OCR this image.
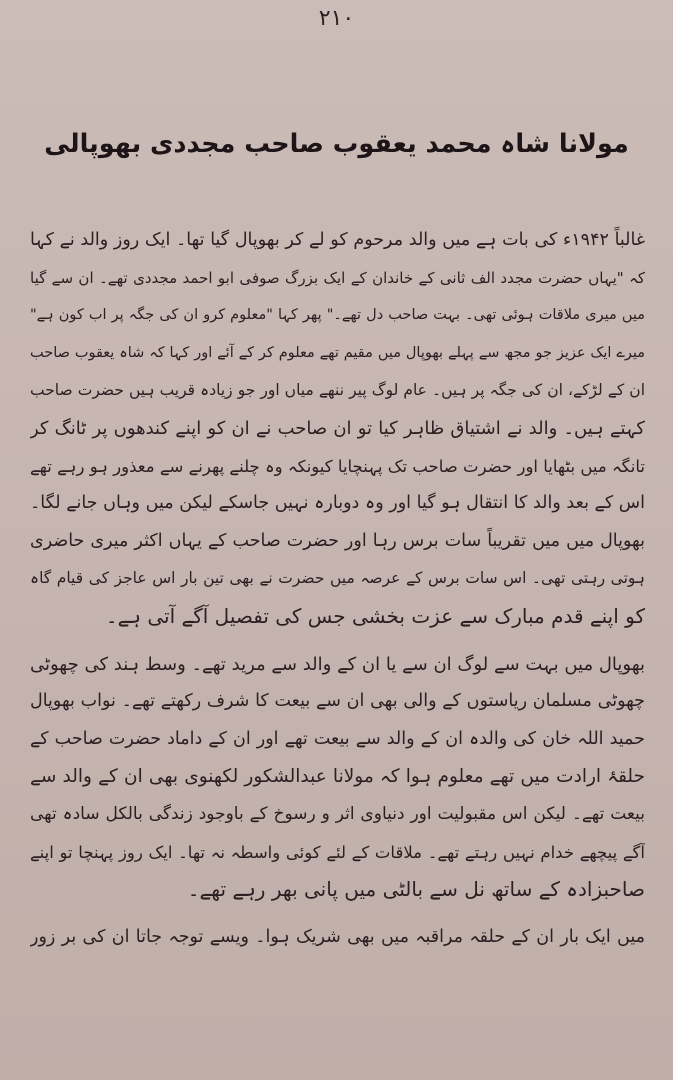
۲۱۰
مولانا شاہ محمد یعقوب صاحب مجددی بھوپالی
غالباً ۱۹۴۲ء کی بات ہے میں والد مرحوم کو لے کر بھوپال گیا تھا۔ ایک روز والد نے کہا
کہ "یہاں حضرت مجدد الف ثانی کے خاندان کے ایک بزرگ صوفی ابو احمد مجددی تھے۔ ان سے گیا
میں میری ملاقات ہوئی تھی۔ بہت صاحب دل تھے۔" پھر کہا "معلوم کرو ان کی جگہ پر اب کون ہے"
میرے ایک عزیز جو مجھ سے پہلے بھوپال میں مقیم تھے معلوم کر کے آئے اور کہا کہ شاہ یعقوب صاحب
ان کے لڑکے، ان کی جگہ پر ہیں۔ عام لوگ پیر ننھے میاں اور جو زیادہ قریب ہیں حضرت صاحب
کہتے ہیں۔ والد نے اشتیاق ظاہر کیا تو ان صاحب نے ان کو اپنے کندھوں پر ٹانگ کر
تانگہ میں بٹھایا اور حضرت صاحب تک پہنچایا کیونکہ وہ چلنے پھرنے سے معذور ہو رہے تھے
اس کے بعد والد کا انتقال ہو گیا اور وہ دوبارہ نہیں جاسکے لیکن میں وہاں جانے لگا۔
بھوپال میں میں تقریباً سات برس رہا اور حضرت صاحب کے یہاں اکثر میری حاضری
ہوتی رہتی تھی۔ اس سات برس کے عرصہ میں حضرت نے بھی تین بار اس عاجز کی قیام گاہ
کو اپنے قدم مبارک سے عزت بخشی جس کی تفصیل آگے آتی ہے۔
بھوپال میں بہت سے لوگ ان سے یا ان کے والد سے مرید تھے۔ وسط ہند کی چھوٹی
چھوٹی مسلمان ریاستوں کے والی بھی ان سے بیعت کا شرف رکھتے تھے۔ نواب بھوپال
حمید اللہ خان کی والدہ ان کے والد سے بیعت تھے اور ان کے داماد حضرت صاحب کے
حلقۂ ارادت میں تھے معلوم ہوا کہ مولانا عبدالشکور لکھنوی بھی ان کے والد سے
بیعت تھے۔ لیکن اس مقبولیت اور دنیاوی اثر و رسوخ کے باوجود زندگی بالکل سادہ تھی
آگے پیچھے خدام نہیں رہتے تھے۔ ملاقات کے لئے کوئی واسطہ نہ تھا۔ ایک روز پہنچا تو اپنے
صاحبزادہ کے ساتھ نل سے بالٹی میں پانی بھر رہے تھے۔
میں ایک بار ان کے حلقہ مراقبہ میں بھی شریک ہوا۔ ویسے توجہ جاتا ان کی بر زور
